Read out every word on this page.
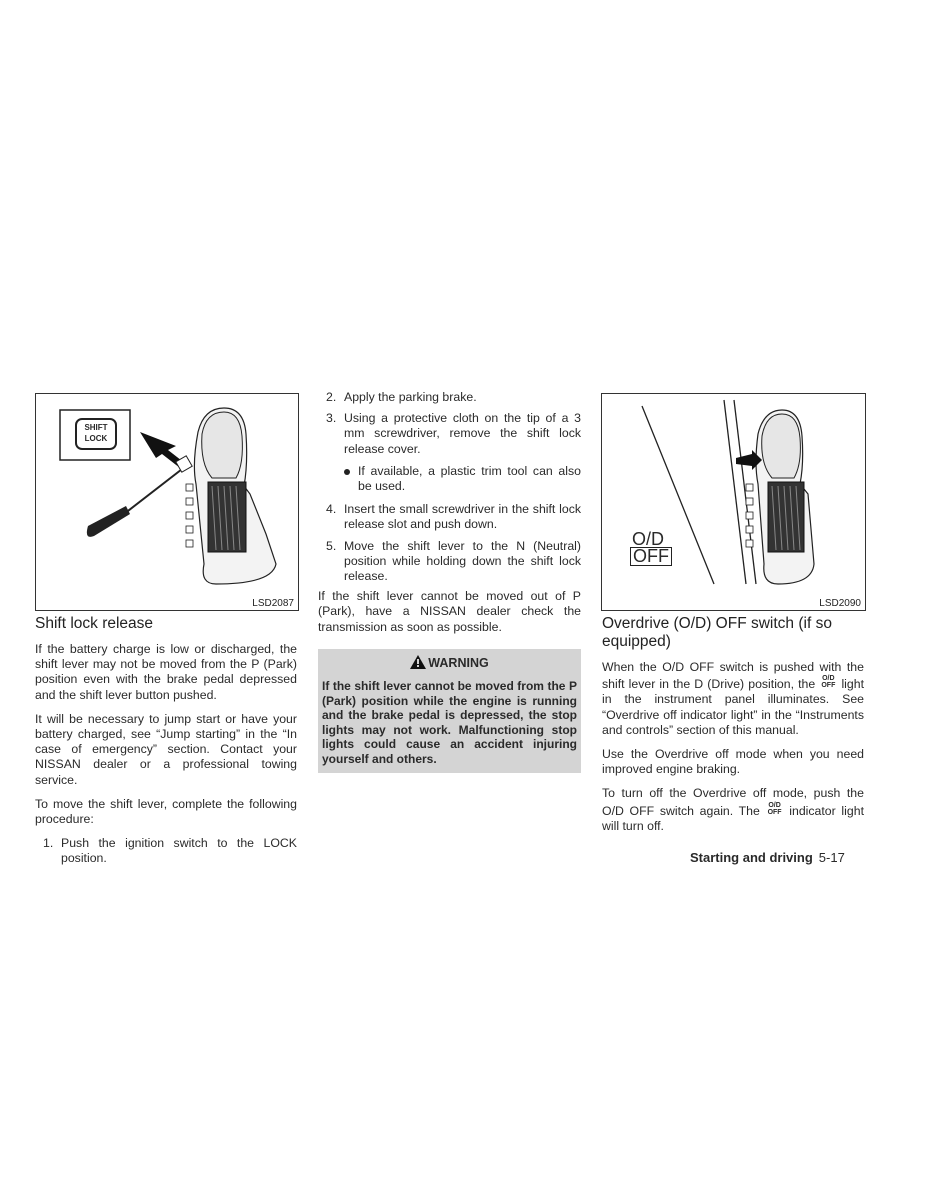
SHIFT
LOCK
LSD2087
Shift lock release

If the battery charge is low or discharged, the shift lever may not be moved from the P (Park) position even with the brake pedal depressed and the shift lever button pushed.

It will be necessary to jump start or have your battery charged, see “Jump starting” in the “In case of emergency” section. Contact your NISSAN dealer or a professional towing service.

To move the shift lever, complete the following procedure:

1. Push the ignition switch to the LOCK position.
2. Apply the parking brake.
3. Using a protective cloth on the tip of a 3 mm screwdriver, remove the shift lock release cover.
If available, a plastic trim tool can also be used.
4. Insert the small screwdriver in the shift lock release slot and push down.
5. Move the shift lever to the N (Neutral) position while holding down the shift lock release.

If the shift lever cannot be moved out of P (Park), have a NISSAN dealer check the transmission as soon as possible.

WARNING
If the shift lever cannot be moved from the P (Park) position while the engine is running and the brake pedal is depressed, the stop lights may not work. Malfunctioning stop lights could cause an accident injuring yourself and others.
O/D
OFF
LSD2090
Overdrive (O/D) OFF switch (if so equipped)

When the O/D OFF switch is pushed with the shift lever in the D (Drive) position, the O/D
OFF light in the instrument panel illuminates. See “Overdrive off indicator light” in the “Instruments and controls” section of this manual.

Use the Overdrive off mode when you need improved engine braking.

To turn off the Overdrive off mode, push the O/D OFF switch again. The O/D
OFF indicator light will turn off.

Starting and driving 5-17
